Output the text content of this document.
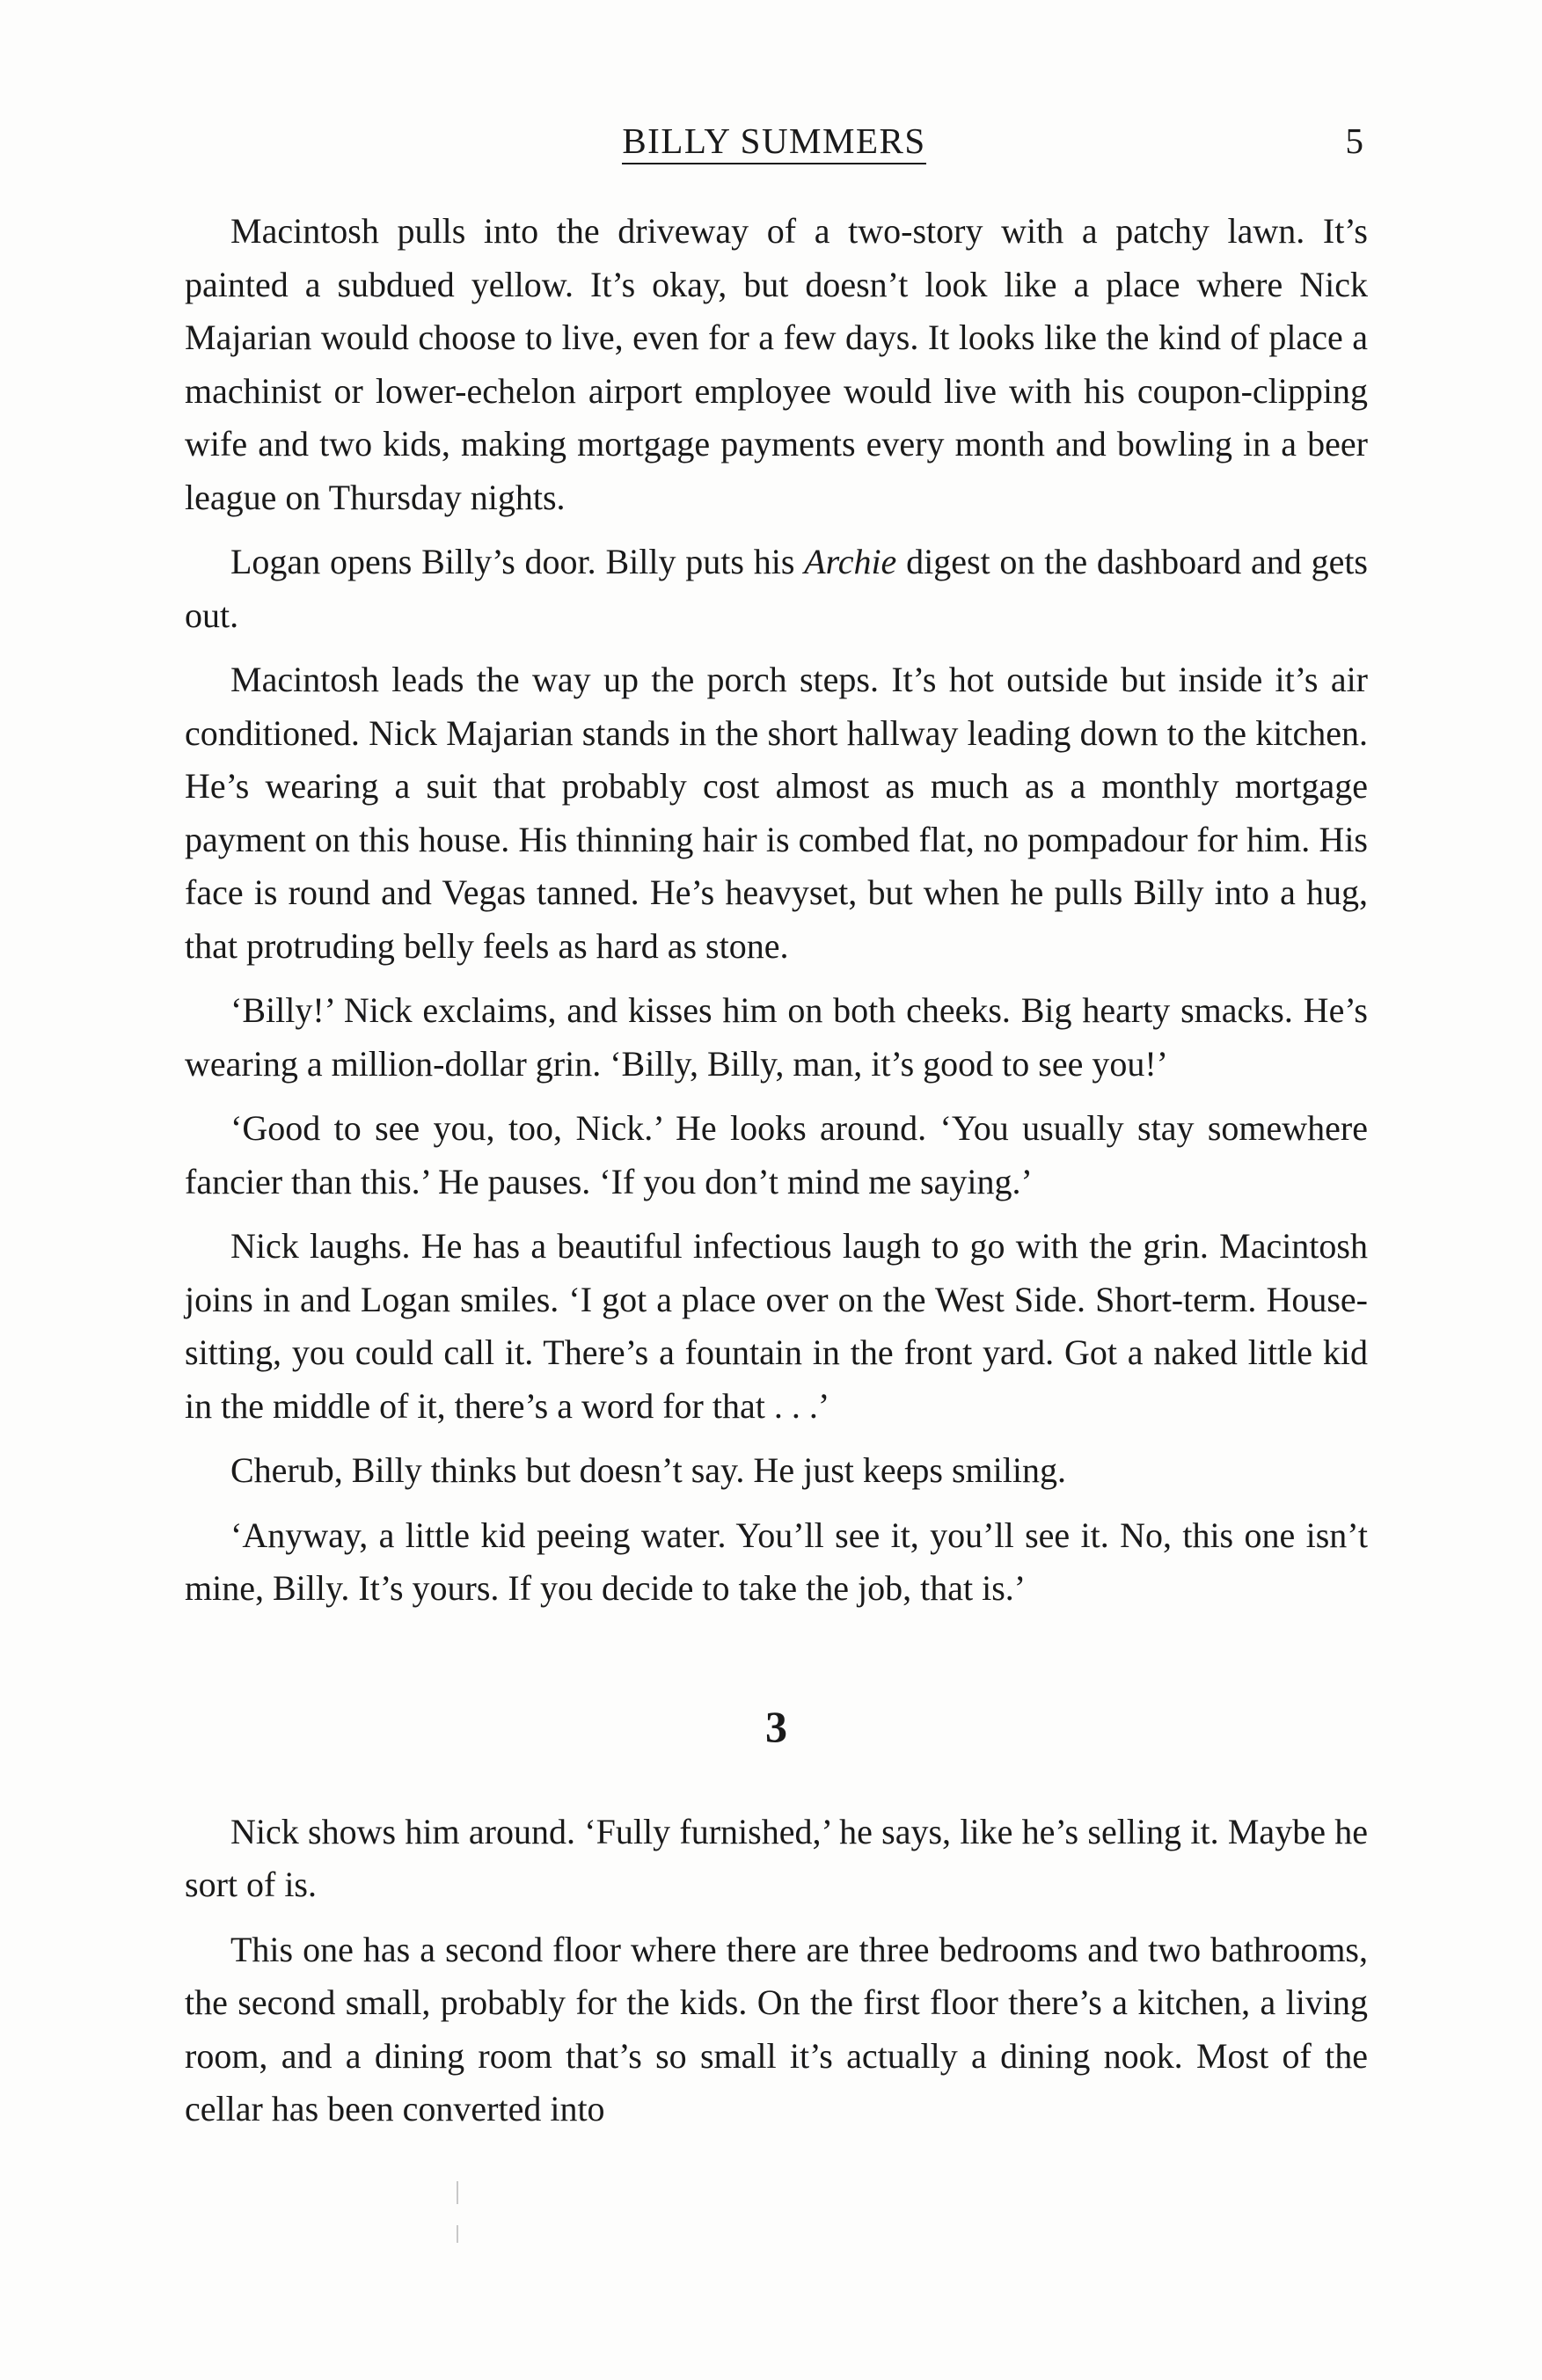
BILLY SUMMERS	5

Macintosh pulls into the driveway of a two-story with a patchy lawn. It’s painted a subdued yellow. It’s okay, but doesn’t look like a place where Nick Majarian would choose to live, even for a few days. It looks like the kind of place a machinist or lower-echelon airport employee would live with his coupon-clipping wife and two kids, making mortgage payments every month and bowling in a beer league on Thursday nights.

Logan opens Billy’s door. Billy puts his Archie digest on the dashboard and gets out.

Macintosh leads the way up the porch steps. It’s hot outside but inside it’s air conditioned. Nick Majarian stands in the short hallway leading down to the kitchen. He’s wearing a suit that probably cost almost as much as a monthly mortgage payment on this house. His thinning hair is combed flat, no pompadour for him. His face is round and Vegas tanned. He’s heavyset, but when he pulls Billy into a hug, that protruding belly feels as hard as stone.

‘Billy!’ Nick exclaims, and kisses him on both cheeks. Big hearty smacks. He’s wearing a million-dollar grin. ‘Billy, Billy, man, it’s good to see you!’

‘Good to see you, too, Nick.’ He looks around. ‘You usually stay somewhere fancier than this.’ He pauses. ‘If you don’t mind me saying.’

Nick laughs. He has a beautiful infectious laugh to go with the grin. Macintosh joins in and Logan smiles. ‘I got a place over on the West Side. Short-term. House-sitting, you could call it. There’s a fountain in the front yard. Got a naked little kid in the middle of it, there’s a word for that . . .’

Cherub, Billy thinks but doesn’t say. He just keeps smiling.

‘Anyway, a little kid peeing water. You’ll see it, you’ll see it. No, this one isn’t mine, Billy. It’s yours. If you decide to take the job, that is.’

3

Nick shows him around. ‘Fully furnished,’ he says, like he’s selling it. Maybe he sort of is.

This one has a second floor where there are three bedrooms and two bathrooms, the second small, probably for the kids. On the first floor there’s a kitchen, a living room, and a dining room that’s so small it’s actually a dining nook. Most of the cellar has been converted into
